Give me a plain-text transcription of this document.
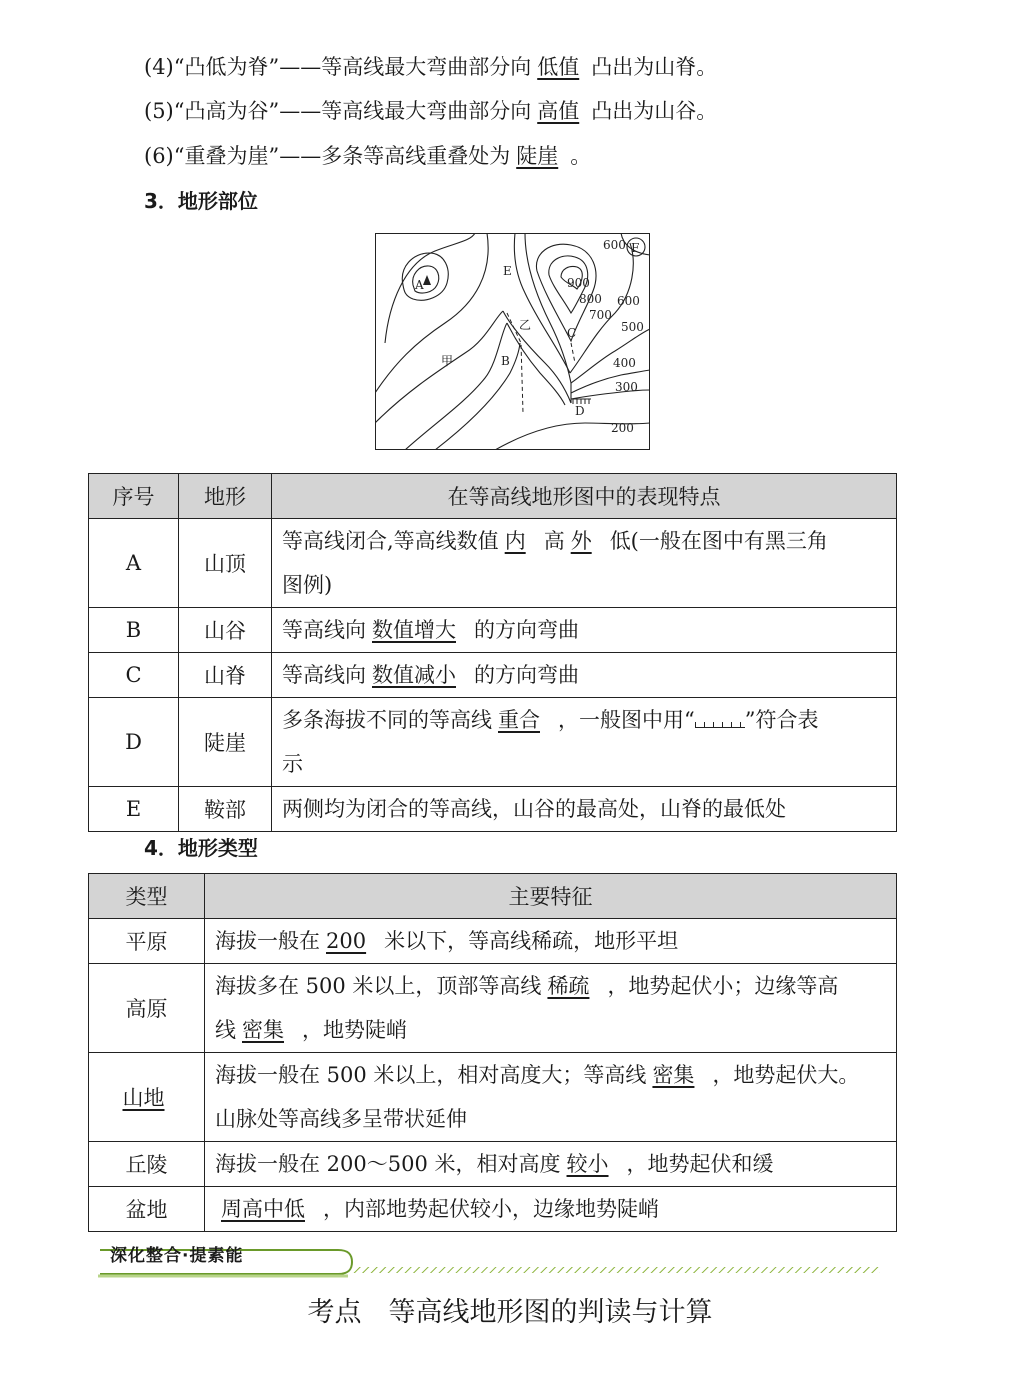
(4)“凸低为脊”——等高线最大弯曲部分向 低值 凸出为山脊。
(5)“凸高为谷”——等高线最大弯曲部分向 高值 凸出为山谷。
(6)“重叠为崖”——多条等高线重叠处为 陡崖 。
3．地形部位
A
B
C
D
E
F
甲
乙
900
800
700
600
600
500
400
300
200
序号	地形	在等高线地形图中的表现特点
A	山顶	等高线闭合,等高线数值 内 高 外 低(一般在图中有黑三角
图例)
B	山谷	等高线向 数值增大 的方向弯曲
C	山脊	等高线向 数值减小 的方向弯曲
D	陡崖	多条海拔不同的等高线 重合 ，一般图中用“ ”符合表
示
E	鞍部	两侧均为闭合的等高线，山谷的最高处，山脊的最低处
4．地形类型
类型	主要特征
平原	海拔一般在 200 米以下，等高线稀疏，地形平坦
高原	海拔多在 500 米以上，顶部等高线 稀疏 ，地势起伏小；边缘等高
线 密集 ，地势陡峭
山地	海拔一般在 500 米以上，相对高度大；等高线 密集 ，地势起伏大。
山脉处等高线多呈带状延伸
丘陵	海拔一般在 200～500 米，相对高度 较小 ，地势起伏和缓
盆地	周高中低 ，内部地势起伏较小，边缘地势陡峭
深化整合·提素能
考点　等高线地形图的判读与计算
